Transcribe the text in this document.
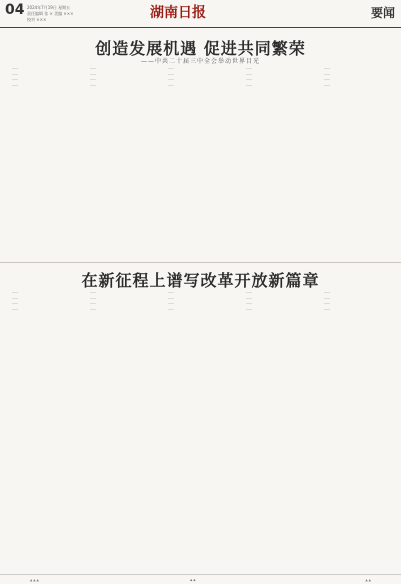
04 2024年7月19日 星期五
责任编辑 张 × 美编 ×××
校对 ×××	湖南日报	要闻
创造发展机遇 促进共同繁荣
——中共二十届三中全会举动世界目光

……

……

……

……

……

……

……

……

……

……

……

……

……

……

……

……

……

……

……

……

在新征程上谱写改革开放新篇章

……

……

……

……

……

……

……

……

……

……

……

……

……

……

……

……

……

……

……

……

▲ ▲ ▲	◆ ◆	▲ ▲
